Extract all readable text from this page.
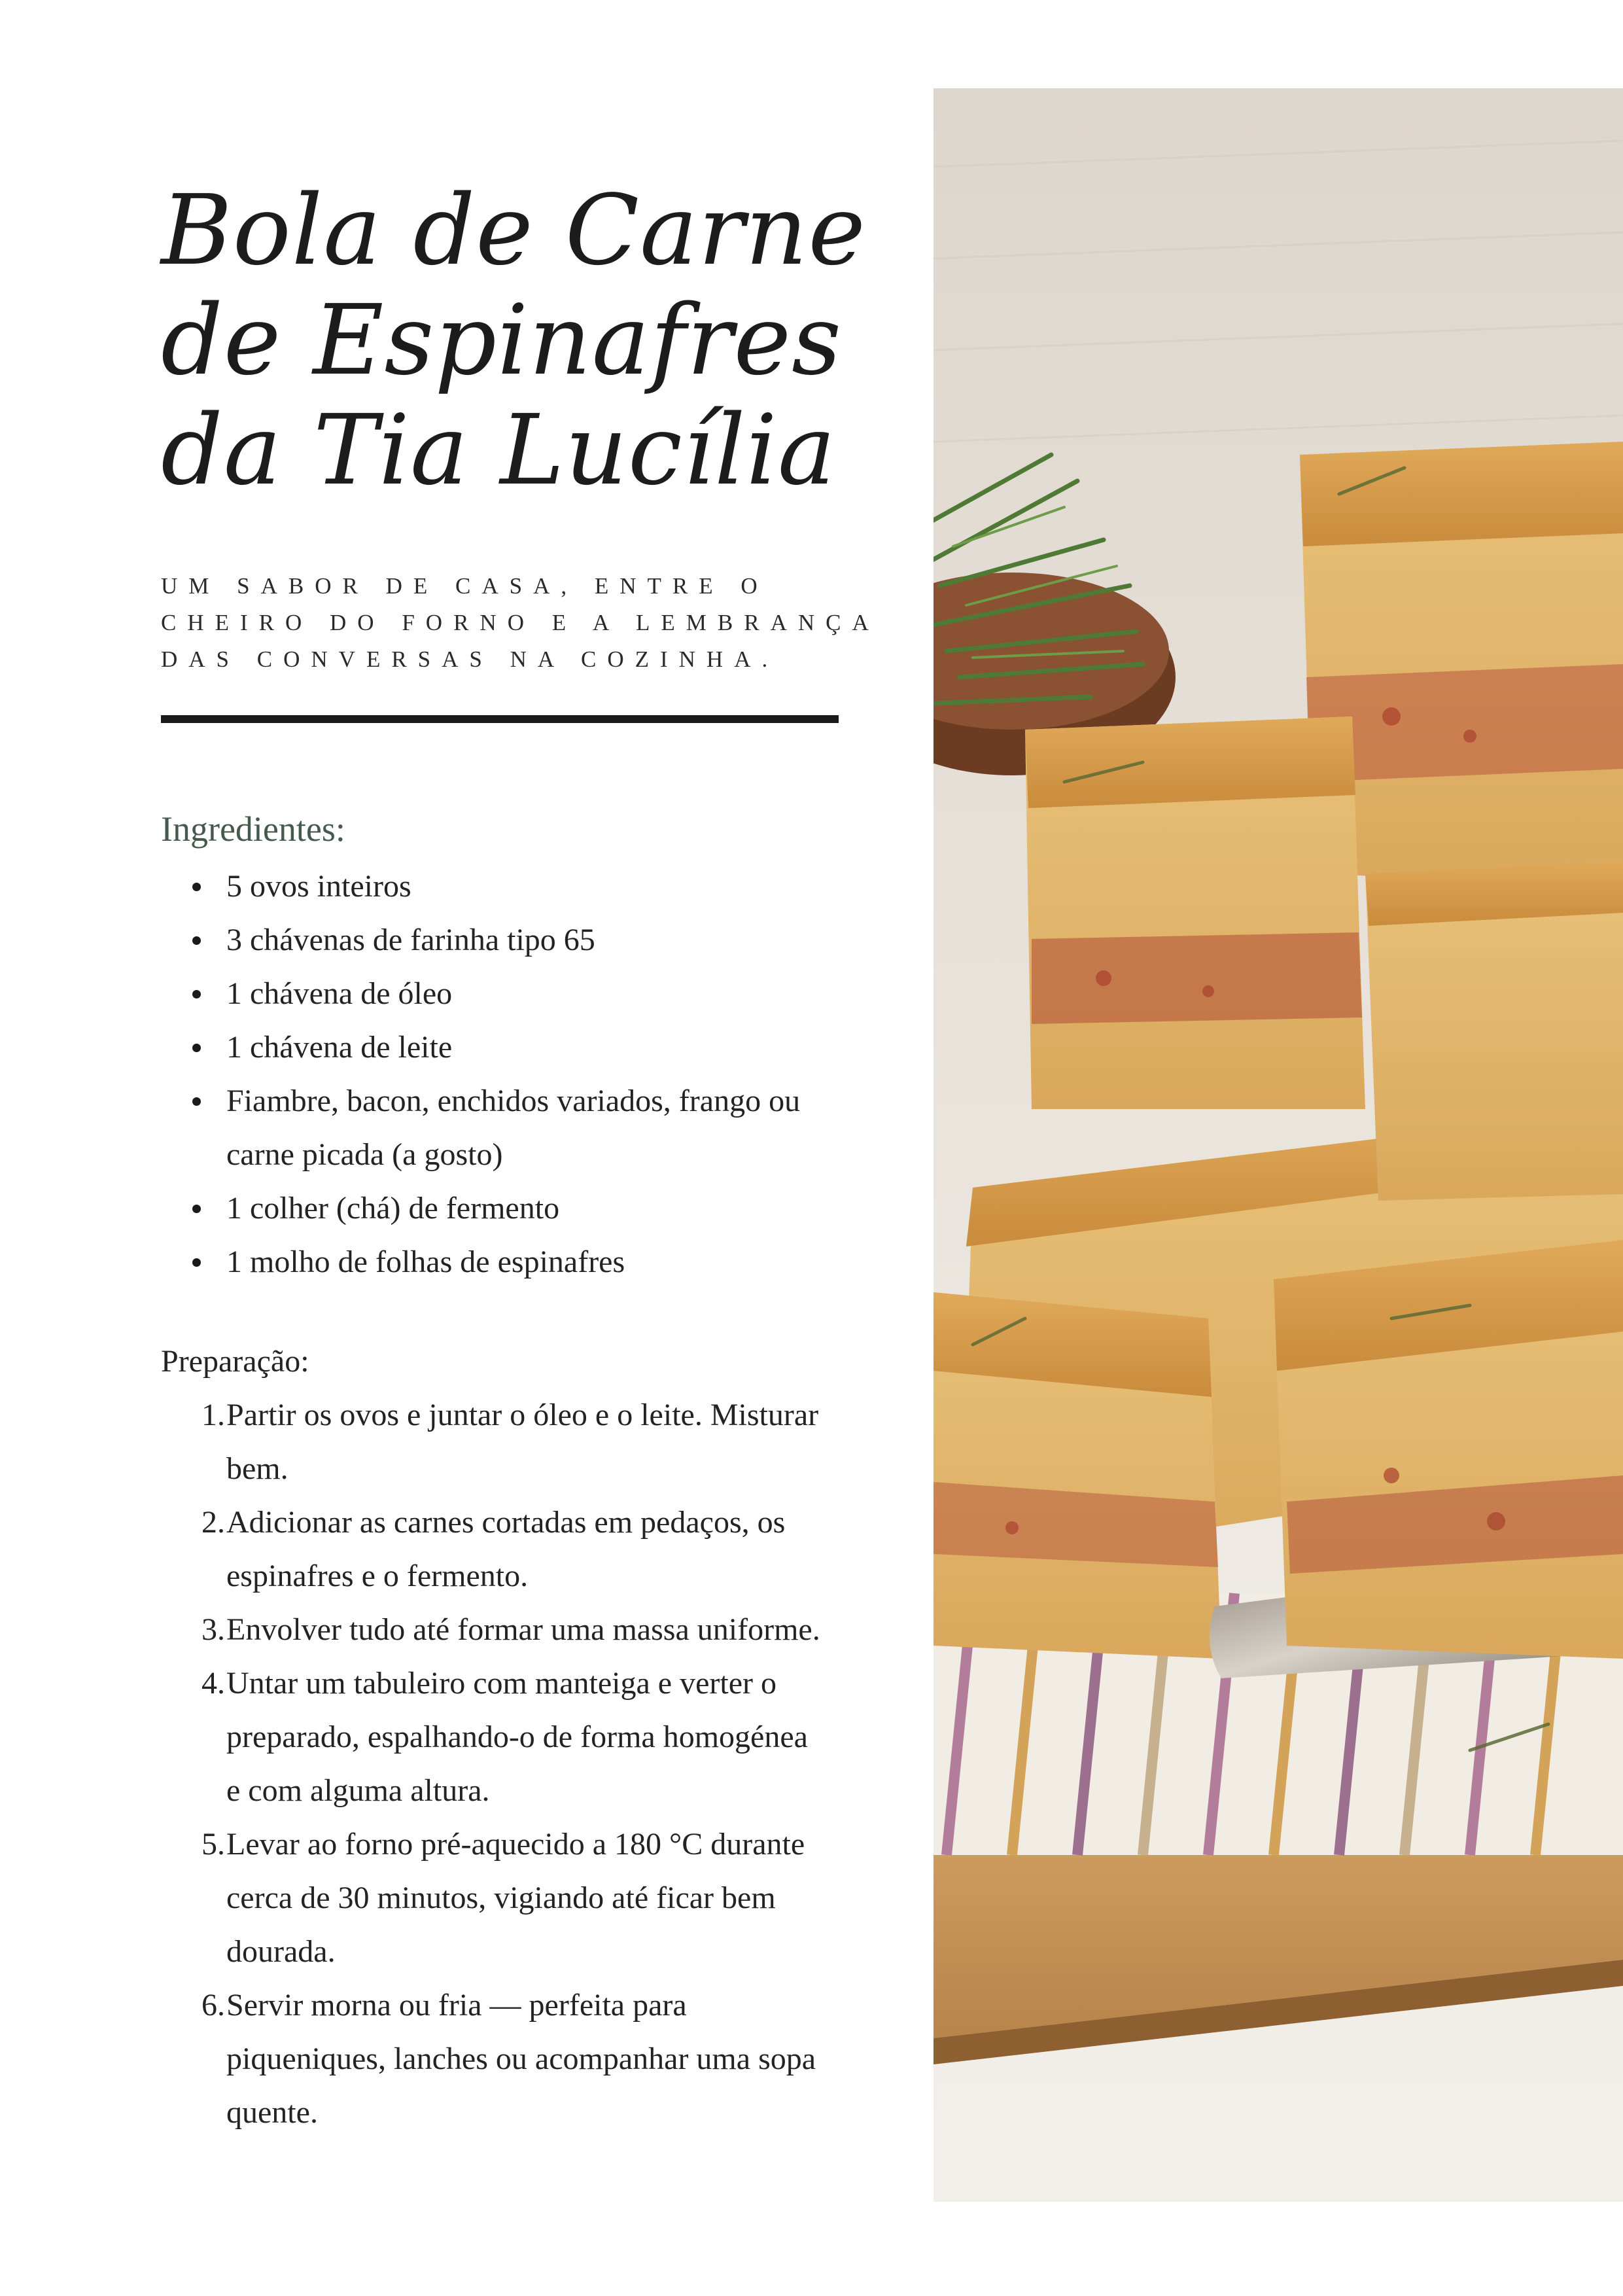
Bola de Carne
de Espinafres
da Tia Lucília

UM SABOR DE CASA, ENTRE O
CHEIRO DO FORNO E A LEMBRANÇA
DAS CONVERSAS NA COZINHA.

Ingredientes:
5 ovos inteiros
3 chávenas de farinha tipo 65
1 chávena de óleo
1 chávena de leite
Fiambre, bacon, enchidos variados, frango ou
carne picada (a gosto)
1 colher (chá) de fermento
1 molho de folhas de espinafres
Preparação:
1. Partir os ovos e juntar o óleo e o leite. Misturar
bem.
2. Adicionar as carnes cortadas em pedaços, os
espinafres e o fermento.
3. Envolver tudo até formar uma massa uniforme.
4. Untar um tabuleiro com manteiga e verter o
preparado, espalhando-o de forma homogénea
e com alguma altura.
5. Levar ao forno pré-aquecido a 180 °C durante
cerca de 30 minutos, vigiando até ficar bem
dourada.
6. Servir morna ou fria — perfeita para
piqueniques, lanches ou acompanhar uma sopa
quente.
